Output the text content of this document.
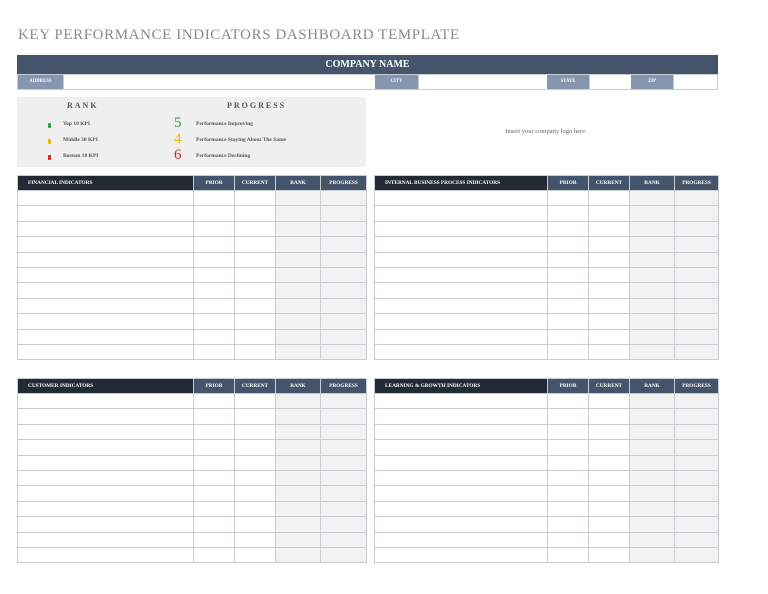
KEY PERFORMANCE INDICATORS DASHBOARD TEMPLATE
COMPANY NAME
ADDRESS	CITY	STATE	ZIP
RANK	PROGRESS
Top 10 KPI	5	Performance Improving
Middle 30 KPI	4	Performance Staying About The Same
Bottom 10 KPI	6	Performance Declining
Insert your company logo here.
FINANCIAL INDICATORS	PRIOR	CURRENT	RANK	PROGRESS

					INTERNAL BUSINESS PROCESS INDICATORS	PRIOR	CURRENT	RANK	PROGRESS

CUSTOMER INDICATORS	PRIOR	CURRENT	RANK	PROGRESS

					LEARNING & GROWTH INDICATORS	PRIOR	CURRENT	RANK	PROGRESS
